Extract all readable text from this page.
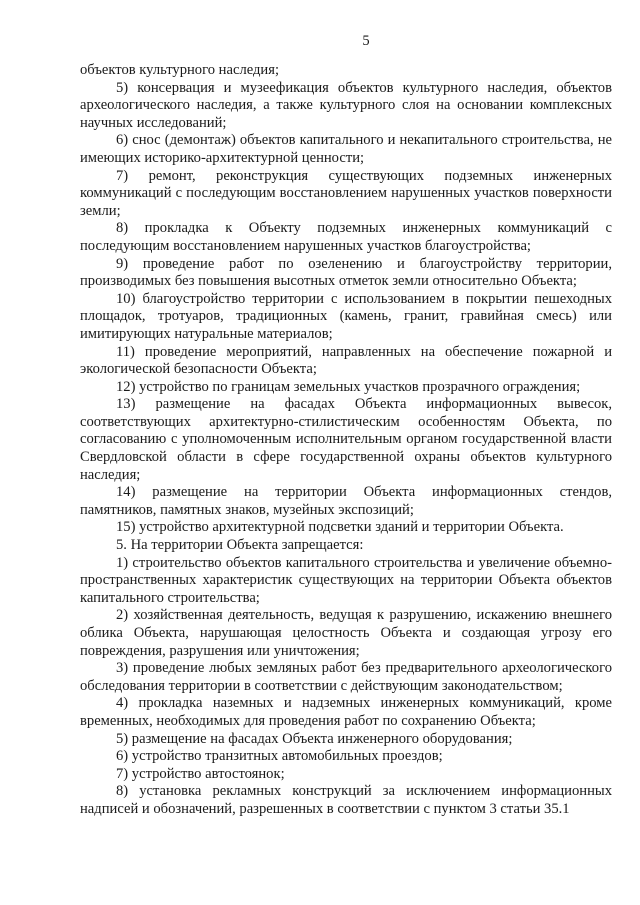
5

объектов культурного наследия;

5) консервация и музеефикация объектов культурного наследия, объектов археологического наследия, а также культурного слоя на основании комплексных научных исследований;

6) снос (демонтаж) объектов капитального и некапитального строительства, не имеющих историко-архитектурной ценности;

7) ремонт, реконструкция существующих подземных инженерных коммуникаций с последующим восстановлением нарушенных участков поверхности земли;

8) прокладка к Объекту подземных инженерных коммуникаций с последующим восстановлением нарушенных участков благоустройства;

9) проведение работ по озеленению и благоустройству территории, производимых без повышения высотных отметок земли относительно Объекта;

10) благоустройство территории с использованием в покрытии пешеходных площадок, тротуаров, традиционных (камень, гранит, гравийная смесь) или имитирующих натуральные материалов;

11) проведение мероприятий, направленных на обеспечение пожарной и экологической безопасности Объекта;

12) устройство по границам земельных участков прозрачного ограждения;

13) размещение на фасадах Объекта информационных вывесок, соответствующих архитектурно-стилистическим особенностям Объекта, по согласованию с уполномоченным исполнительным органом государственной власти Свердловской области в сфере государственной охраны объектов культурного наследия;

14) размещение на территории Объекта информационных стендов, памятников, памятных знаков, музейных экспозиций;

15) устройство архитектурной подсветки зданий и территории Объекта.

5. На территории Объекта запрещается:

1) строительство объектов капитального строительства и увеличение объемно-пространственных характеристик существующих на территории Объекта объектов капитального строительства;

2) хозяйственная деятельность, ведущая к разрушению, искажению внешнего облика Объекта, нарушающая целостность Объекта и создающая угрозу его повреждения, разрушения или уничтожения;

3) проведение любых земляных работ без предварительного археологического обследования территории в соответствии с действующим законодательством;

4) прокладка наземных и надземных инженерных коммуникаций, кроме временных, необходимых для проведения работ по сохранению Объекта;

5) размещение на фасадах Объекта инженерного оборудования;

6) устройство транзитных автомобильных проездов;

7) устройство автостоянок;

8) установка рекламных конструкций за исключением информационных надписей и обозначений, разрешенных в соответствии с пунктом 3 статьи 35.1
